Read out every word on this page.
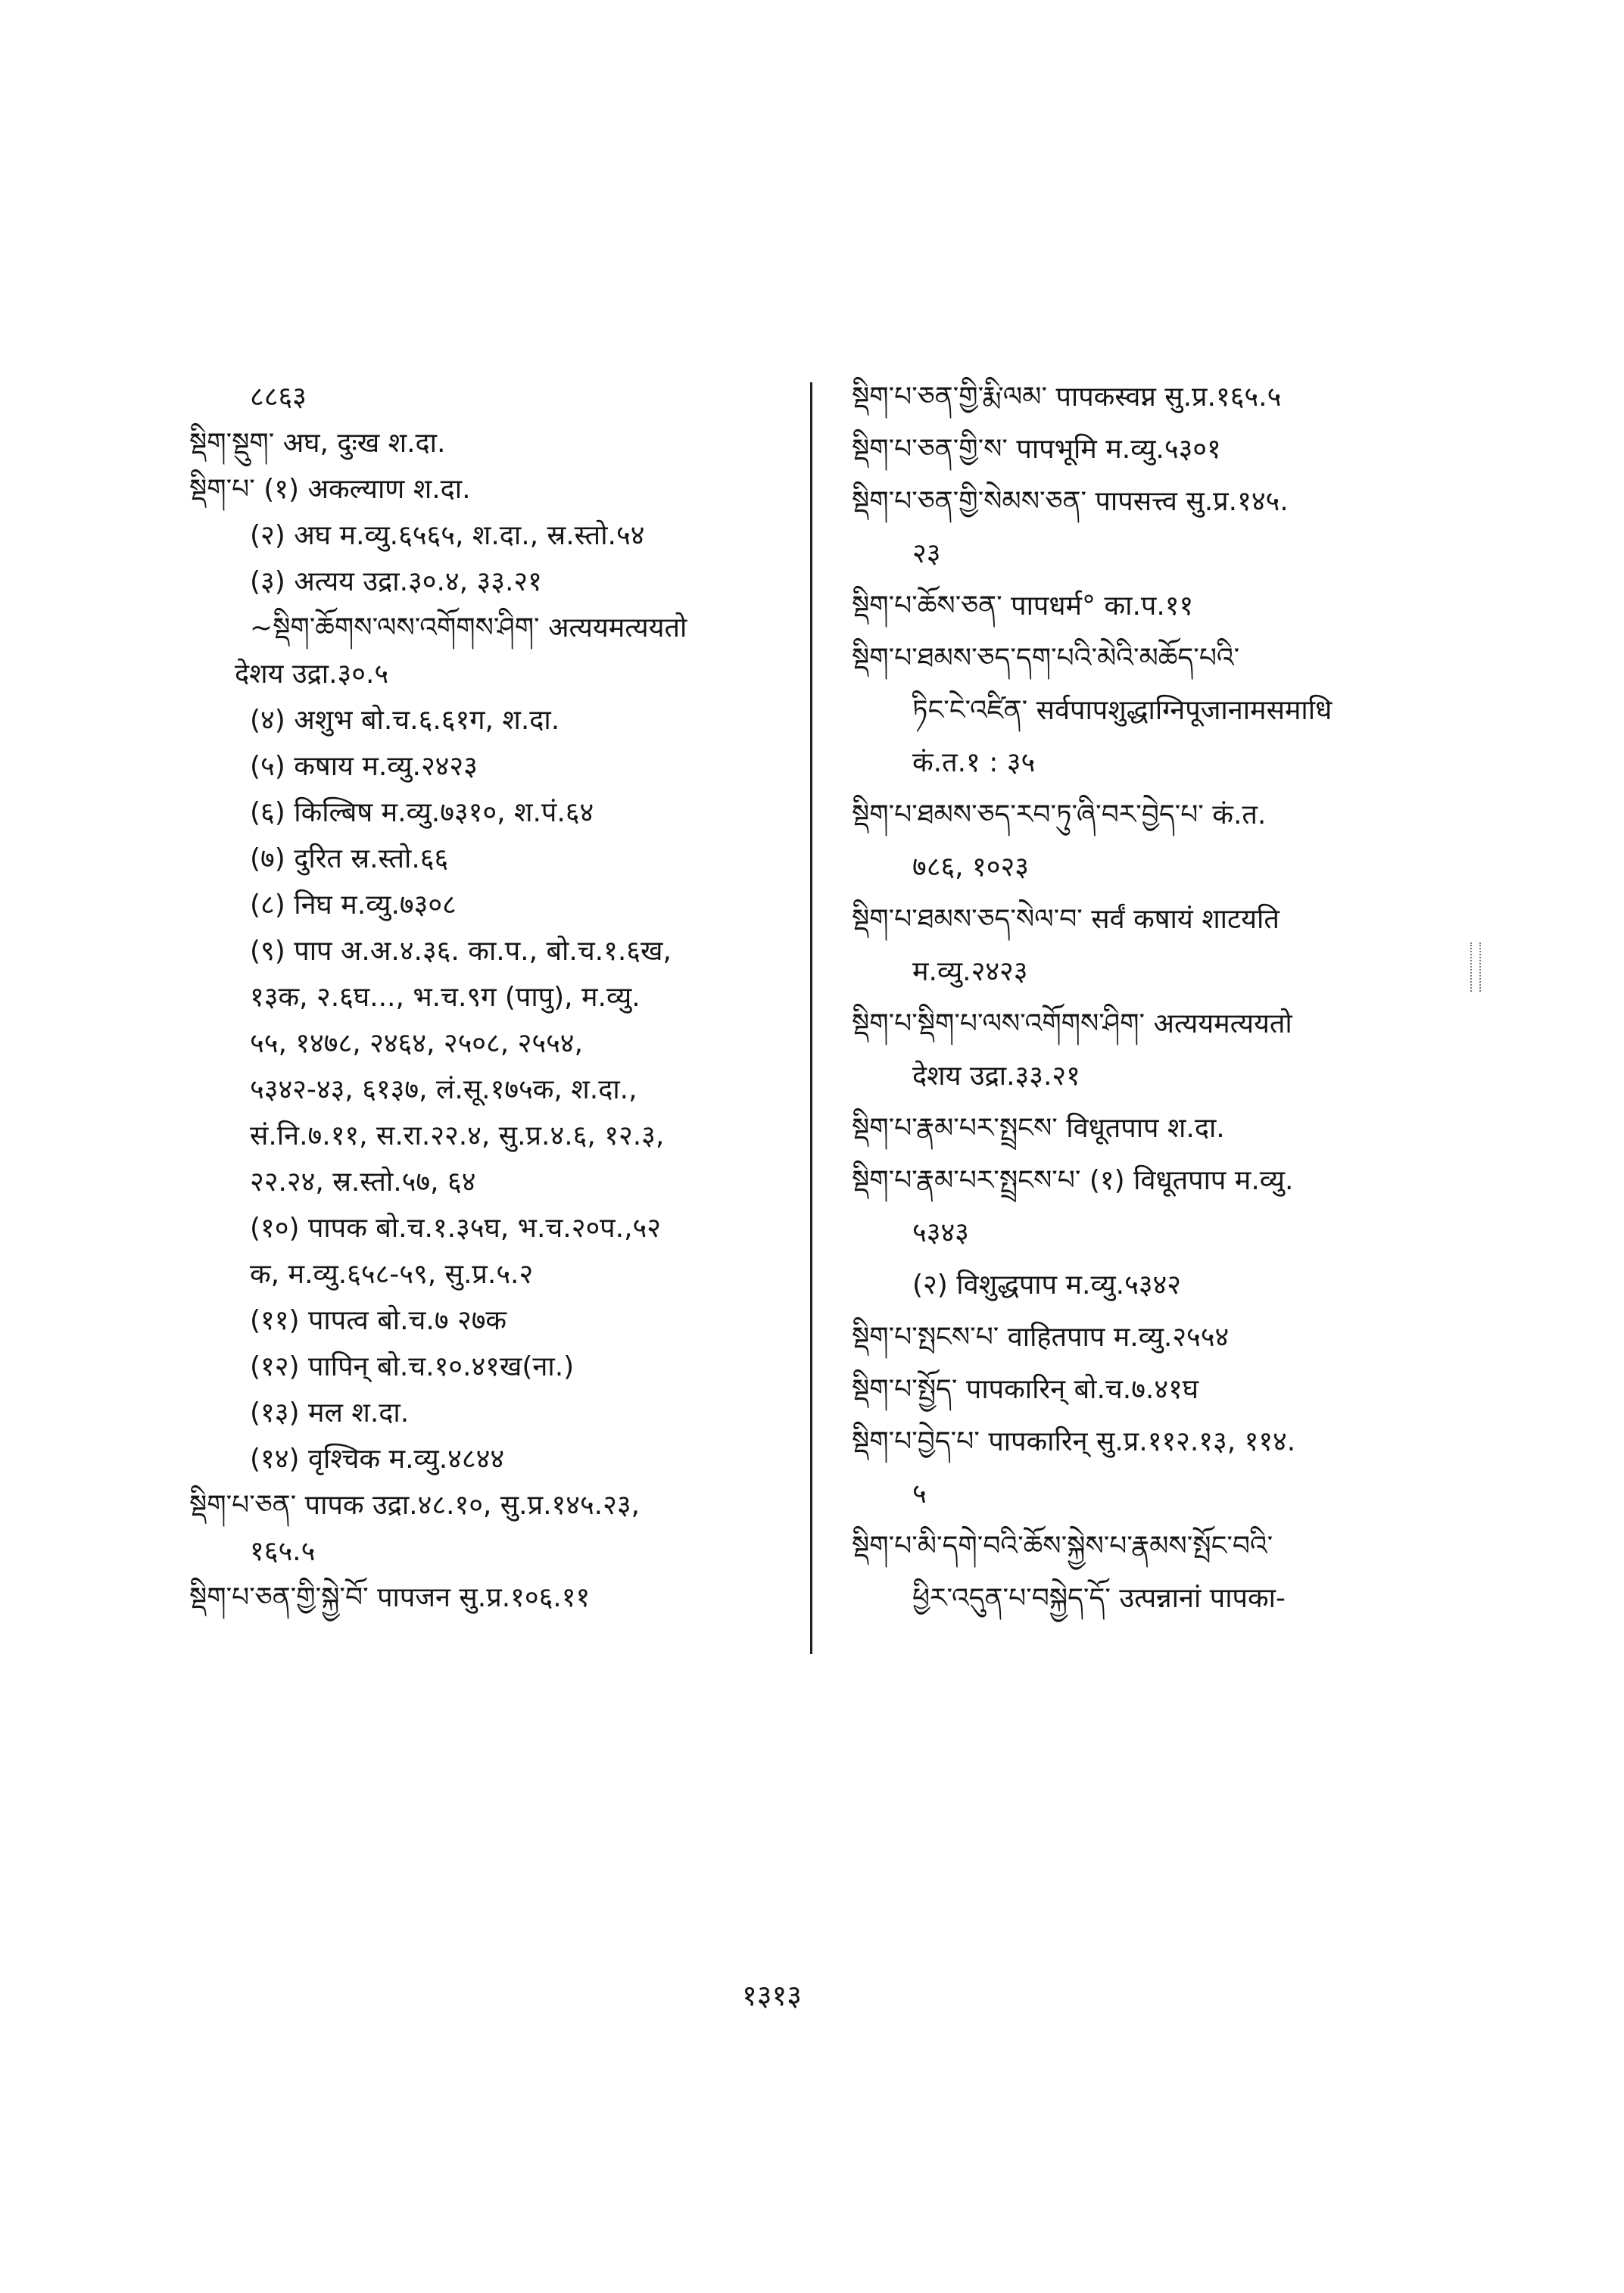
८८६३
སྡིག་སྡུག་ अघ, दुःख श.दा.
སྡིག་པ་ (१) अकल्याण श.दा.
(२) अघ म.व्यु.६५६५, श.दा., स्र.स्तो.५४
(३) अत्यय उद्रा.३०.४, ३३.२१
~སྡིག་ཆོགས་ལས་འགོགས་ཤིག་ अत्ययमत्ययतो
देशय उद्रा.३०.५
(४) अशुभ बो.च.६.६१ग, श.दा.
(५) कषाय म.व्यु.२४२३
(६) किल्बिष म.व्यु.७३१०, श.पं.६४
(७) दुरित स्र.स्तो.६६
(८) निघ म.व्यु.७३०८
(९) पाप अ.अ.४.३६. का.प., बो.च.१.६ख,
१३क, २.६घ..., भ.च.९ग (पापु), म.व्यु.
५५, १४७८, २४६४, २५०८, २५५४,
५३४२-४३, ६१३७, लं.सू.१७५क, श.दा.,
सं.नि.७.११, स.रा.२२.४, सु.प्र.४.६, १२.३,
२२.२४, स्र.स्तो.५७, ६४
(१०) पापक बो.च.१.३५घ, भ.च.२०प.,५२
क, म.व्यु.६५८-५९, सु.प्र.५.२
(११) पापत्व बो.च.७ २७क
(१२) पापिन् बो.च.१०.४१ख(ना.)
(१३) मल श.दा.
(१४) वृश्चिक म.व्यु.४८४४
སྡིག་པ་ཅན་ पापक उद्रा.४८.१०, सु.प्र.१४५.२३,
१६५.५
སྡིག་པ་ཅན་གྱི་སྐྱེ་བོ་ पापजन सु.प्र.१०६.११
སྡིག་པ་ཅན་གྱི་རྨི་ལམ་ पापकस्वप्न सु.प्र.१६५.५
སྡིག་པ་ཅན་གྱི་ས་ पापभूमि म.व्यु.५३०१
སྡིག་པ་ཅན་གྱི་སེམས་ཅན་ पापसत्त्व सु.प्र.१४५.
२३
སྡིག་པ་ཆོས་ཅན་ पापधर्म° का.प.११
སྡིག་པ་ཐམས་ཅད་དག་པའི་མེའི་མཆོད་པའི་
ཏིང་ངེ་འཛིན་ सर्वपापशुद्धाग्निपूजानामसमाधि
कं.त.१ : ३५
སྡིག་པ་ཐམས་ཅད་རབ་ཏུ་ཞི་བར་བྱེད་པ་ कं.त.
७८६, १०२३
སྡིག་པ་ཐམས་ཅད་སེལ་བ་ सर्वं कषायं शाटयति
म.व्यु.२४२३
སྡིག་པ་སྡིག་པ་ལས་འགོགས་ཤིག་ अत्ययमत्ययतो
देशय उद्रा.३३.२१
སྡིག་པ་རྣམ་པར་སྤྲངས་ विधूतपाप श.दा.
སྡིག་པ་རྣམ་པར་སྤྲངས་པ་ (१) विधूतपाप म.व्यु.
५३४३
(२) विशुद्धपाप म.व्यु.५३४२
སྡིག་པ་སྤངས་པ་ वाहितपाप म.व्यु.२५५४
སྡིག་པ་སྤྱོད་ पापकारिन् बो.च.७.४१घ
སྡིག་པ་བྱེད་པ་ पापकारिन् सु.प्र.११२.१३, ११४.
५
སྡིག་པ་མི་དགེ་བའི་ཆོས་སྐྱེས་པ་རྣམས་སྤོང་བའི་
ཕྱིར་འདུན་པ་བསྐྱེད་དོ་ उत्पन्नानां पापका-
१३१३
